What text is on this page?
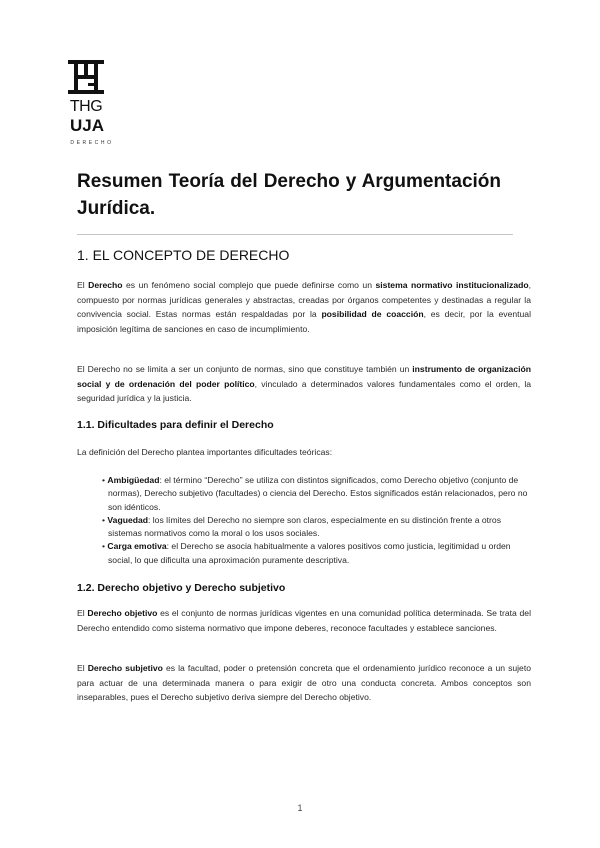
THG
UJA
DERECHO
Resumen Teoría del Derecho y Argumentación
Jurídica.
1. EL CONCEPTO DE DERECHO

El Derecho es un fenómeno social complejo que puede definirse como un sistema normativo institucionalizado, compuesto por normas jurídicas generales y abstractas, creadas por órganos competentes y destinadas a regular la convivencia social. Estas normas están respaldadas por la posibilidad de coacción, es decir, por la eventual imposición legítima de sanciones en caso de incumplimiento.

El Derecho no se limita a ser un conjunto de normas, sino que constituye también un instrumento de organización social y de ordenación del poder político, vinculado a determinados valores fundamentales como el orden, la seguridad jurídica y la justicia.

1.1. Dificultades para definir el Derecho

La definición del Derecho plantea importantes dificultades teóricas:

• Ambigüedad: el término “Derecho” se utiliza con distintos significados, como Derecho objetivo (conjunto de normas), Derecho subjetivo (facultades) o ciencia del Derecho. Estos significados están relacionados, pero no son idénticos.
• Vaguedad: los límites del Derecho no siempre son claros, especialmente en su distinción frente a otros sistemas normativos como la moral o los usos sociales.
• Carga emotiva: el Derecho se asocia habitualmente a valores positivos como justicia, legitimidad u orden social, lo que dificulta una aproximación puramente descriptiva.
1.2. Derecho objetivo y Derecho subjetivo

El Derecho objetivo es el conjunto de normas jurídicas vigentes en una comunidad política determinada. Se trata del Derecho entendido como sistema normativo que impone deberes, reconoce facultades y establece sanciones.

El Derecho subjetivo es la facultad, poder o pretensión concreta que el ordenamiento jurídico reconoce a un sujeto para actuar de una determinada manera o para exigir de otro una conducta concreta. Ambos conceptos son inseparables, pues el Derecho subjetivo deriva siempre del Derecho objetivo.

1
